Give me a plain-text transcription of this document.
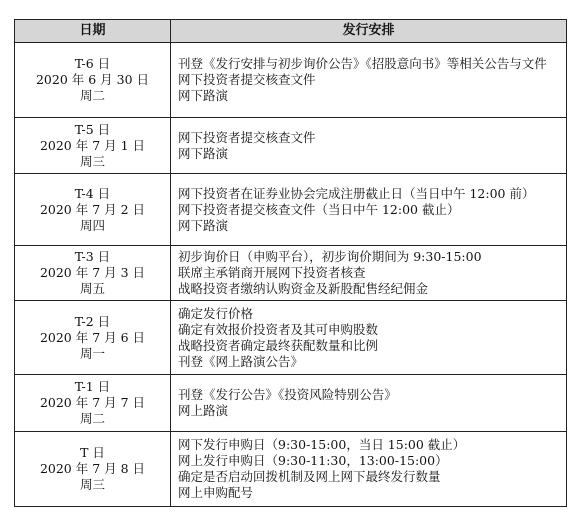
日期	发行安排

T-6 日
2020 年 6 月 30 日
周二	刊登《发行安排与初步询价公告》《招股意向书》等相关公告与文件
网下投资者提交核查文件
网下路演

T-5 日
2020 年 7 月 1 日
周三	网下投资者提交核查文件
网下路演

T-4 日
2020 年 7 月 2 日
周四	网下投资者在证券业协会完成注册截止日（当日中午 12:00 前）
网下投资者提交核查文件（当日中午 12:00 截止）
网下路演

T-3 日
2020 年 7 月 3 日
周五	初步询价日（申购平台），初步询价期间为 9:30-15:00
联席主承销商开展网下投资者核查
战略投资者缴纳认购资金及新股配售经纪佣金

T-2 日
2020 年 7 月 6 日
周一	确定发行价格
确定有效报价投资者及其可申购股数
战略投资者确定最终获配数量和比例
刊登《网上路演公告》

T-1 日
2020 年 7 月 7 日
周二	刊登《发行公告》《投资风险特别公告》
网上路演

T 日
2020 年 7 月 8 日
周三	网下发行申购日（9:30-15:00，当日 15:00 截止）
网上发行申购日（9:30-11:30，13:00-15:00）
确定是否启动回拨机制及网上网下最终发行数量
网上申购配号
